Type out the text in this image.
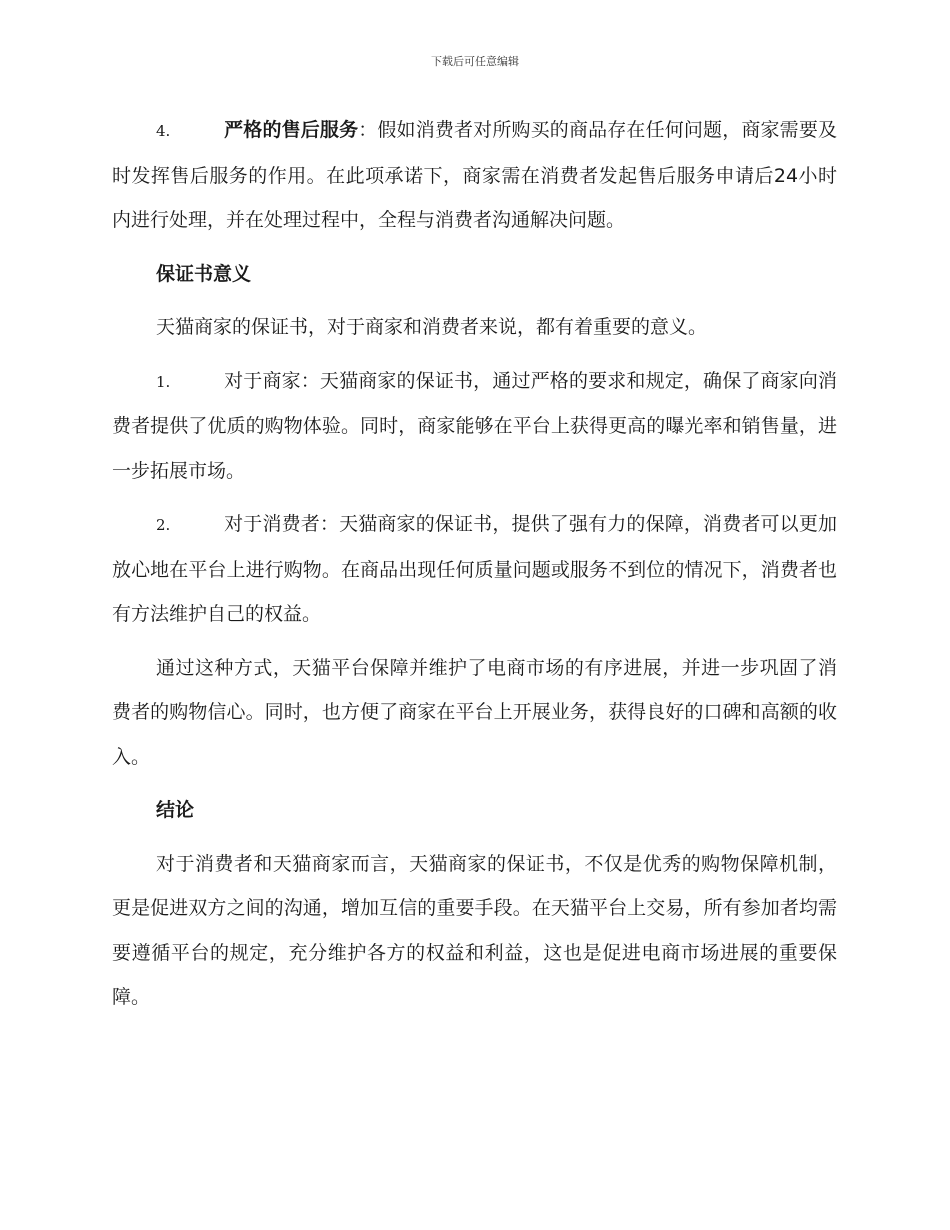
下载后可任意编辑

4.	严格的售后服务：假如消费者对所购买的商品存在任何问题，商家需要及时发挥售后服务的作用。在此项承诺下，商家需在消费者发起售后服务申请后24小时内进行处理，并在处理过程中，全程与消费者沟通解决问题。

保证书意义

天猫商家的保证书，对于商家和消费者来说，都有着重要的意义。

1.	对于商家：天猫商家的保证书，通过严格的要求和规定，确保了商家向消费者提供了优质的购物体验。同时，商家能够在平台上获得更高的曝光率和销售量，进一步拓展市场。

2.	对于消费者：天猫商家的保证书，提供了强有力的保障，消费者可以更加放心地在平台上进行购物。在商品出现任何质量问题或服务不到位的情况下，消费者也有方法维护自己的权益。

通过这种方式，天猫平台保障并维护了电商市场的有序进展，并进一步巩固了消费者的购物信心。同时，也方便了商家在平台上开展业务，获得良好的口碑和高额的收入。

结论

对于消费者和天猫商家而言，天猫商家的保证书，不仅是优秀的购物保障机制，更是促进双方之间的沟通，增加互信的重要手段。在天猫平台上交易，所有参加者均需要遵循平台的规定，充分维护各方的权益和利益，这也是促进电商市场进展的重要保障。
